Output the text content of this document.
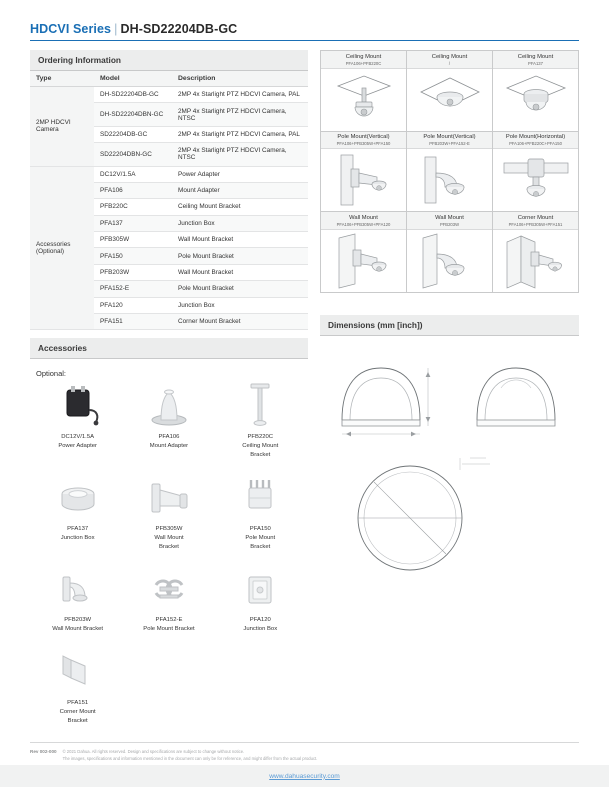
HDCVI Series | DH-SD22204DB-GC
Ordering Information
Type	Model	Description
2MP HDCVI Camera	DH-SD22204DB-GC	2MP 4x Starlight PTZ HDCVI Camera, PAL
	DH-SD22204DBN-GC	2MP 4x Starlight PTZ HDCVI Camera, NTSC
	SD22204DB-GC	2MP 4x Starlight PTZ HDCVI Camera, PAL
	SD22204DBN-GC	2MP 4x Starlight PTZ HDCVI Camera, NTSC
Accessories (Optional)	DC12V/1.5A	Power Adapter
	PFA106	Mount Adapter
	PFB220C	Ceiling Mount Bracket
	PFA137	Junction Box
	PFB305W	Wall Mount Bracket
	PFA150	Pole Mount Bracket
	PFB203W	Wall Mount Bracket
	PFA152-E	Pole Mount Bracket
	PFA120	Junction Box
	PFA151	Corner Mount Bracket
Accessories
Optional:
DC12V/1.5A
Power Adapter
PFA106
Mount Adapter
PFB220C
Ceiling Mount
Bracket
PFA137
Junction Box
PFB305W
Wall Mount
Bracket
PFA150
Pole Mount
Bracket
PFB203W
Wall Mount Bracket
PFA152-E
Pole Mount Bracket
PFA120
Junction Box
PFA151
Corner Mount
Bracket
Ceiling Mount
PFA106+PFB220C

Ceiling Mount
/

Ceiling Mount
PFA137

Pole Mount(Vertical)
PFA106+PFB305W+PFA150

Pole Mount(Vertical)
PFB203W+PFA152-E

Pole Mount(Horizontal)
PFA106+PFB220C+PFA150

Wall Mount
PFA106+PFB305W+PFA120

Wall Mount
PFB203W

Corner Mount
PFA106+PFB305W+PFA151
Dimensions (mm [inch])
Rev 002-000	© 2021 Dahua. All rights reserved. Design and specifications are subject to change without notice.
The images, specifications and information mentioned in the document can only be for reference, and might differ from the actual product.
www.dahuasecurity.com
